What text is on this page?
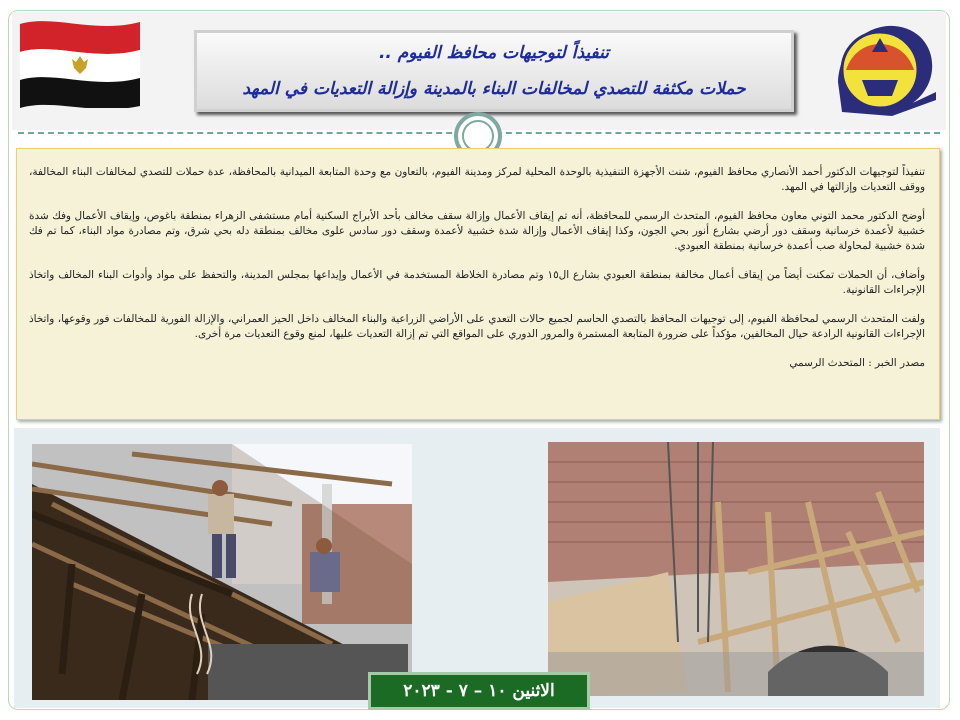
تنفيذاً لتوجيهات محافظ الفيوم ..
حملات مكثفة للتصدي لمخالفات البناء بالمدينة وإزالة التعديات في المهد

تنفيذاً لتوجيهات الدكتور أحمد الأنصاري محافظ الفيوم، شنت الأجهزة التنفيذية بالوحدة المحلية لمركز ومدينة الفيوم، بالتعاون مع وحدة المتابعة الميدانية بالمحافظة، عدة حملات للتصدي لمخالفات البناء المخالفة، ووقف التعديات وإزالتها في المهد.

أوضح الدكتور محمد التوني معاون محافظ الفيوم، المتحدث الرسمي للمحافظة، أنه تم إيقاف الأعمال وإزالة سقف مخالف بأحد الأبراج السكنية أمام مستشفى الزهراء بمنطقة باغوص، وإيقاف الأعمال وفك شدة خشبية لأعمدة خرسانية وسقف دور أرضي بشارع أنور بحي الجون، وكذا إيقاف الأعمال وإزالة شدة خشبية لأعمدة وسقف دور سادس علوى مخالف بمنطقة دله بحي شرق، وتم مصادرة مواد البناء، كما تم فك شدة خشبية لمحاولة صب أعمدة خرسانية بمنطقة العبودي.

وأضاف، أن الحملات تمكنت أيضاً من إيقاف أعمال مخالفة بمنطقة العبودي بشارع ال١٥ وتم مصادرة الخلاطة المستخدمة في الأعمال وإيداعها بمجلس المدينة، والتحفظ على مواد وأدوات البناء المخالف واتخاذ الإجراءات القانونية.

ولفت المتحدث الرسمي لمحافظة الفيوم، إلى توجيهات المحافظ بالتصدي الحاسم لجميع حالات التعدي على الأراضي الزراعية والبناء المخالف داخل الحيز العمراني، والإزالة الفورية للمخالفات فور وقوعها، واتخاذ الإجراءات القانونية الرادعة حيال المخالفين، مؤكداً على ضرورة المتابعة المستمرة والمرور الدوري على المواقع التي تم إزالة التعديات عليها، لمنع وقوع التعديات مرة أخرى.

مصدر الخبر : المتحدث الرسمي

الاثنين ١٠ – ٧ - ٢٠٢٣
